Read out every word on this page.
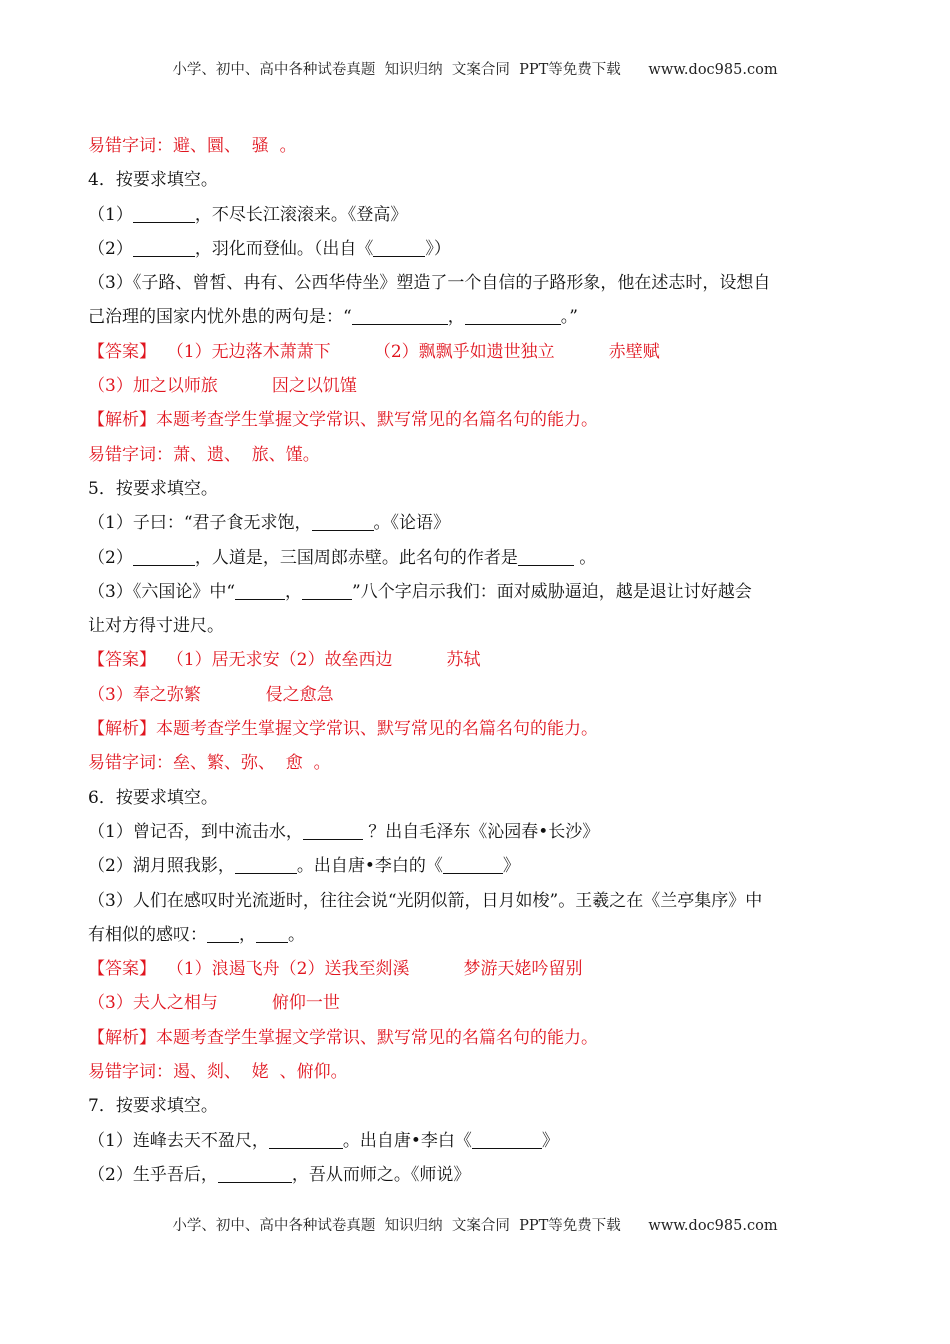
小学、初中、高中各种试卷真题  知识归纳  文案合同  PPT等免费下载 www.doc985.com
易错字词：避、圜、  骚  。
4．按要求填空。
（1）	，不尽长江滚滚来。《登高》
（2）	，羽化而登仙。（出自《	》）
（3）《子路、曾皙、冉有、公西华侍坐》塑造了一个自信的子路形象，他在述志时，设想自
己治理的国家内忧外患的两句是：“	，	。”
【答案】  （1）无边落木萧萧下        （2）飘飘乎如遗世独立          赤壁赋
（3）加之以师旅          因之以饥馑
【解析】本题考查学生掌握文学常识、默写常见的名篇名句的能力。
易错字词：萧、遗、  旅、馑。
5．按要求填空。
（1）子曰：“君子食无求饱，	。《论语》
（2）	，人道是，三国周郎赤壁。此名句的作者是	。
（3）《六国论》中“	，	”八个字启示我们：面对威胁逼迫，越是退让讨好越会
让对方得寸进尺。
【答案】  （1）居无求安（2）故垒西边          苏轼
（3）奉之弥繁            侵之愈急
【解析】本题考查学生掌握文学常识、默写常见的名篇名句的能力。
易错字词：垒、繁、弥、  愈  。
6．按要求填空。
（1）曾记否，到中流击水，	？出自毛泽东《沁园春•长沙》
（2）湖月照我影，	。出自唐•李白的《	》
（3）人们在感叹时光流逝时，往往会说“光阴似箭，日月如梭”。王羲之在《兰亭集序》中
有相似的感叹： ， 。
【答案】  （1）浪遏飞舟（2）送我至剡溪          梦游天姥吟留别
（3）夫人之相与          俯仰一世
【解析】本题考查学生掌握文学常识、默写常见的名篇名句的能力。
易错字词：遏、剡、  姥  、俯仰。
7．按要求填空。
（1）连峰去天不盈尺，	。出自唐•李白《	》
（2）生乎吾后，	，吾从而师之。《师说》
小学、初中、高中各种试卷真题  知识归纳  文案合同  PPT等免费下载 www.doc985.com
